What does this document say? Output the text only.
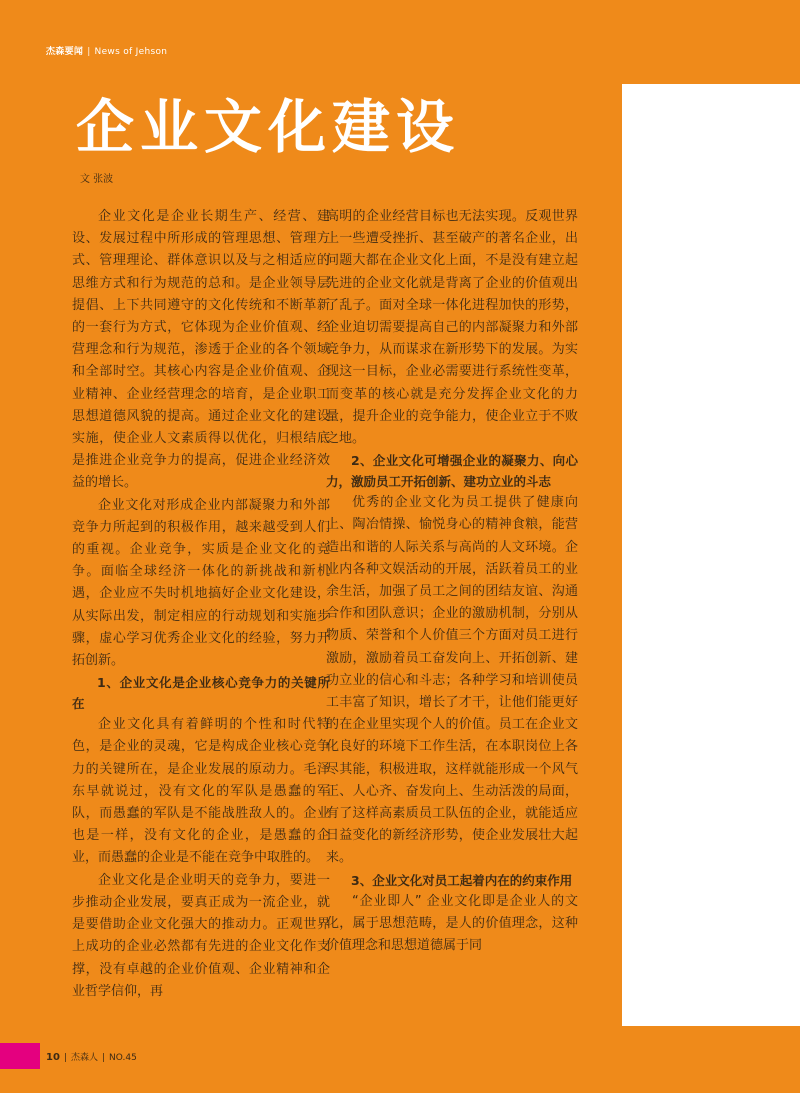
杰森要闻 | News of Jehson
企业文化建设
文 张波

企业文化是企业长期生产、经营、建设、发展过程中所形成的管理思想、管理方式、管理理论、群体意识以及与之相适应的思维方式和行为规范的总和。是企业领导层提倡、上下共同遵守的文化传统和不断革新的一套行为方式，它体现为企业价值观、经营理念和行为规范，渗透于企业的各个领域和全部时空。其核心内容是企业价值观、企业精神、企业经营理念的培育，是企业职工思想道德风貌的提高。通过企业文化的建设实施，使企业人文素质得以优化，归根结底是推进企业竞争力的提高，促进企业经济效益的增长。

企业文化对形成企业内部凝聚力和外部竞争力所起到的积极作用，越来越受到人们的重视。企业竞争，实质是企业文化的竞争。面临全球经济一体化的新挑战和新机遇，企业应不失时机地搞好企业文化建设，从实际出发，制定相应的行动规划和实施步骤，虚心学习优秀企业文化的经验，努力开拓创新。

1、企业文化是企业核心竞争力的关键所在

企业文化具有着鲜明的个性和时代特色，是企业的灵魂，它是构成企业核心竞争力的关键所在，是企业发展的原动力。毛泽东早就说过，没有文化的军队是愚蠢的军队，而愚蠢的军队是不能战胜敌人的。企业也是一样，没有文化的企业，是愚蠢的企业，而愚蠢的企业是不能在竞争中取胜的。

企业文化是企业明天的竞争力，要进一步推动企业发展，要真正成为一流企业，就是要借助企业文化强大的推动力。正观世界上成功的企业必然都有先进的企业文化作支撑，没有卓越的企业价值观、企业精神和企业哲学信仰，再

高明的企业经营目标也无法实现。反观世界上一些遭受挫折、甚至破产的著名企业，出问题大都在企业文化上面，不是没有建立起先进的企业文化就是背离了企业的价值观出了乱子。面对全球一体化进程加快的形势，企业迫切需要提高自己的内部凝聚力和外部竞争力，从而谋求在新形势下的发展。为实现这一目标，企业必需要进行系统性变革，而变革的核心就是充分发挥企业文化的力量，提升企业的竞争能力，使企业立于不败之地。

2、企业文化可增强企业的凝聚力、向心力，激励员工开拓创新、建功立业的斗志

优秀的企业文化为员工提供了健康向上、陶冶情操、愉悦身心的精神食粮，能营造出和谐的人际关系与高尚的人文环境。企业内各种文娱活动的开展，活跃着员工的业余生活，加强了员工之间的团结友谊、沟通合作和团队意识；企业的激励机制，分别从物质、荣誉和个人价值三个方面对员工进行激励，激励着员工奋发向上、开拓创新、建功立业的信心和斗志；各种学习和培训使员工丰富了知识，增长了才干，让他们能更好的在企业里实现个人的价值。员工在企业文化良好的环境下工作生活，在本职岗位上各尽其能，积极进取，这样就能形成一个风气正、人心齐、奋发向上、生动活泼的局面，有了这样高素质员工队伍的企业，就能适应日益变化的新经济形势，使企业发展壮大起来。

3、企业文化对员工起着内在的约束作用

“企业即人” 企业文化即是企业人的文化，属于思想范畴，是人的价值理念，这种价值理念和思想道德属于同

10 | 杰森人 | NO.45
